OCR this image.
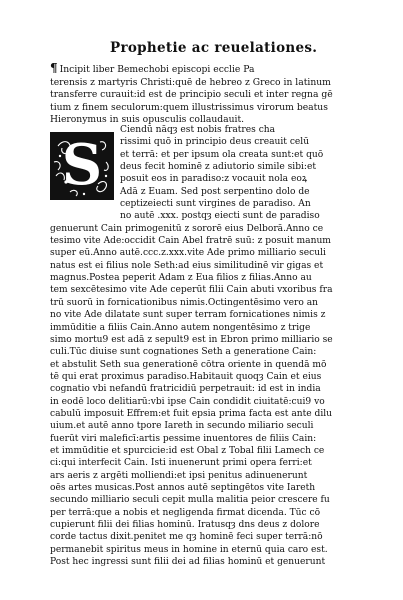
Prophetie ac reuelationes.
¶ Incipit liber Bemechobi episcopi ecclie Pa
terensis z martyris Christi:quē de hebreo z Greco in latinum
transferre curauit:id est de principio seculi et inter regna gē
tium z finem seculorum:quem illustrissimus virorum beatus
Hieronymus in suis opusculis collaudauit.
S
Ciendū nāqȝ est nobis fratres cha
rissimi quō in principio deus creauit celū
et terrā: et per ipsum ola creata sunt:et quō
deus fecit hominē z adiutorio simile sibi:et
posuit eos in paradiso:z vocauit nola eoꝝ
Adā z Euam. Sed post serpentino dolo de
ceptizeiecti sunt virgines de paradiso. An
no autē .xxx. postqȝ eiecti sunt de paradiso
genuerunt Cain primogenitū z sororē eius Delborā.Anno ce
tesimo vite Ade:occidit Cain Abel fratrē suū: z posuit manum
super eū.Anno autē.ccc.z.xxx.vite Ade primo milliario seculi
natus est ei filius nole Seth:ad eius similitudinē vir gigas et
magnus.Postea peperit Adam z Eua filios z filias.Anno au
tem sexcētesimo vite Ade ceperūt filii Cain abuti vxoribus fra
trū suorū in fornicationibus nimis.Octingentēsimo vero an
no vite Ade dilatate sunt super terram fornicationes nimis z
immūditie a filiis Cain.Anno autem nongentēsimo z trige
simo mortu9 est adā z sepult9 est in Ebron primo milliario se
culi.Tūc diuise sunt cognationes Seth a generatione Cain:
et abstulit Seth sua generationē cōtra oriente in quendā mō
tē qui erat proximus paradiso.Habitauit quoqȝ Cain et eius
cognatio vbi nefandū fratricidiū perpetrauit: id est in india
in eodē loco delitiarū:vbi ipse Cain condidit ciuitatē:cui9 vo
cabulū imposuit Effrem:et fuit epsia prima facta est ante dilu
uium.et autē anno tpore Iareth in secundo miliario seculi
fuerūt viri maleficī:artis pessime inuentores de filiis Cain:
et immūditie et spurcicie:id est Obal z Tobal filii Lamech ce
ci:qui interfecit Cain. Isti inuenerunt primi opera ferri:et
ars aeris z argēti molliendi:et ipsi penitus adinuenerunt
oēs artes musicas.Post annos autē septingētos vite Iareth
secundo milliario seculi cepit mulla malitia peior crescere fu
per terrā:que a nobis et negligenda firmat dicenda. Tūc cō
cupierunt filii dei filias hominū. Iratusqȝ dns deus z dolore
corde tactus dixit.penitet me qȝ hominē feci super terrā:nō
permanebit spiritus meus in homine in eternū quia caro est.
Post hec ingressi sunt filii dei ad filias hominū et genuerunt
